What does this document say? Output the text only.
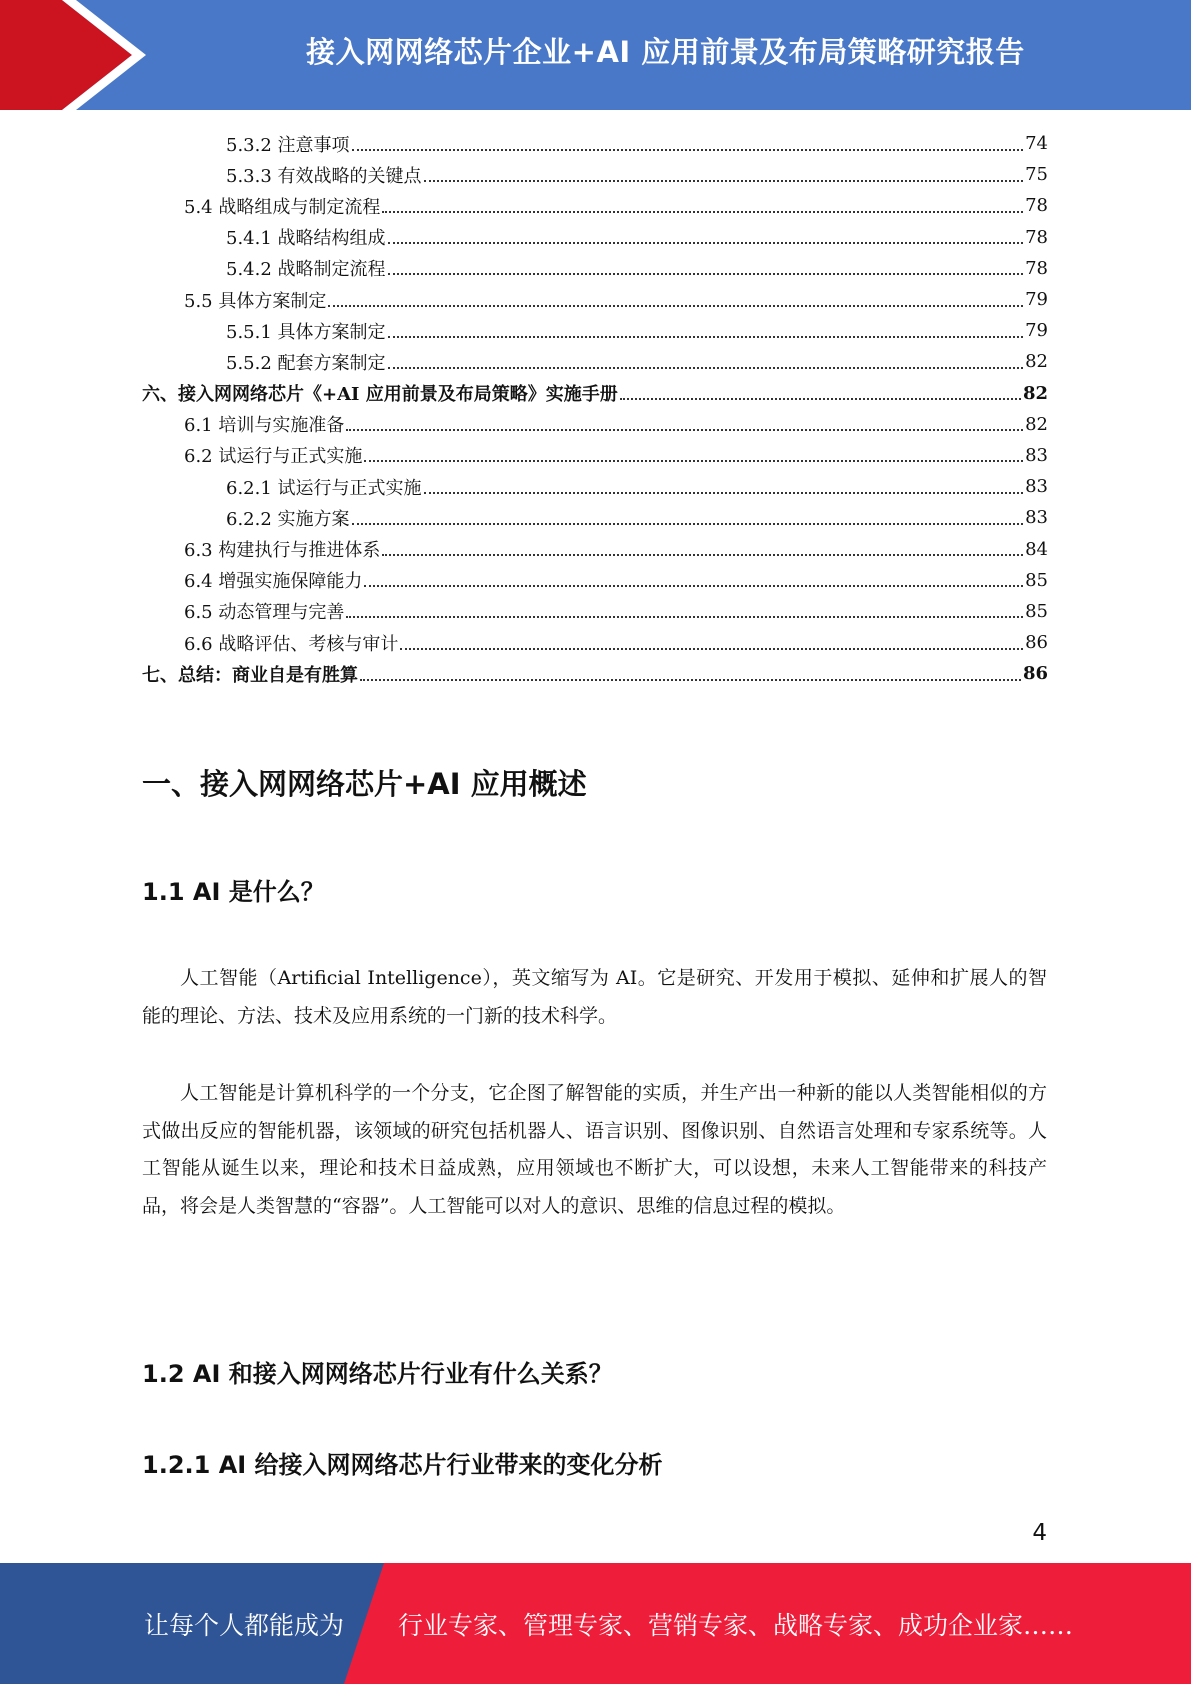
接入网网络芯片企业+AI 应用前景及布局策略研究报告
5.3.2 注意事项	74
5.3.3 有效战略的关键点	75
5.4 战略组成与制定流程	78
5.4.1 战略结构组成	78
5.4.2 战略制定流程	78
5.5 具体方案制定	79
5.5.1 具体方案制定	79
5.5.2 配套方案制定	82
六、接入网网络芯片《+AI 应用前景及布局策略》实施手册	82
6.1 培训与实施准备	82
6.2 试运行与正式实施	83
6.2.1 试运行与正式实施	83
6.2.2 实施方案	83
6.3 构建执行与推进体系	84
6.4 增强实施保障能力	85
6.5 动态管理与完善	85
6.6 战略评估、考核与审计	86
七、总结：商业自是有胜算	86
一、接入网网络芯片+AI 应用概述
1.1 AI 是什么？

人工智能（Artificial Intelligence），英文缩写为 AI。它是研究、开发用于模拟、延伸和扩展人的智能的理论、方法、技术及应用系统的一门新的技术科学。

人工智能是计算机科学的一个分支，它企图了解智能的实质，并生产出一种新的能以人类智能相似的方式做出反应的智能机器，该领域的研究包括机器人、语言识别、图像识别、自然语言处理和专家系统等。人工智能从诞生以来，理论和技术日益成熟，应用领域也不断扩大，可以设想，未来人工智能带来的科技产品，将会是人类智慧的“容器”。人工智能可以对人的意识、思维的信息过程的模拟。

1.2 AI 和接入网网络芯片行业有什么关系？
1.2.1 AI 给接入网网络芯片行业带来的变化分析
4
让每个人都能成为 行业专家、管理专家、营销专家、战略专家、成功企业家……
